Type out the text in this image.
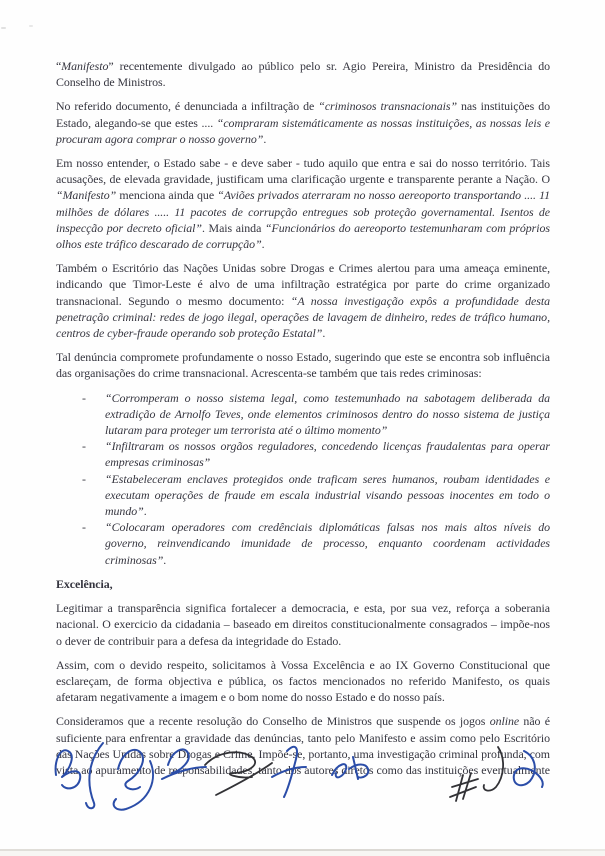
“Manifesto” recentemente divulgado ao público pelo sr. Agio Pereira, Ministro da Presidência do Conselho de Ministros.

No referido documento, é denunciada a infiltração de “criminosos transnacionais” nas instituições do Estado, alegando-se que estes .... “compraram sistemáticamente as nossas instituições, as nossas leis e procuram agora comprar o nosso governo”.

Em nosso entender, o Estado sabe - e deve saber - tudo aquilo que entra e sai do nosso território. Tais acusações, de elevada gravidade, justificam uma clarificação urgente e transparente perante a Nação. O “Manifesto” menciona ainda que “Aviões privados aterraram no nosso aereoporto transportando .... 11 milhões de dólares ..... 11 pacotes de corrupção entregues sob proteção governamental. Isentos de inspecção por decreto oficial”. Mais ainda “Funcionários do aereoporto testemunharam com próprios olhos este tráfico descarado de corrupção”.

Também o Escritório das Nações Unidas sobre Drogas e Crimes alertou para uma ameaça eminente, indicando que Timor-Leste é alvo de uma infiltração estratégica por parte do crime organizado transnacional. Segundo o mesmo documento: “A nossa investigação expôs a profundidade desta penetração criminal: redes de jogo ilegal, operações de lavagem de dinheiro, redes de tráfico humano, centros de cyber-fraude operando sob proteção Estatal”.

Tal denúncia compromete profundamente o nosso Estado, sugerindo que este se encontra sob influência das organisações do crime transnacional. Acrescenta-se também que tais redes criminosas:

-	“Corromperam o nosso sistema legal, como testemunhado na sabotagem deliberada da extradição de Arnolfo Teves, onde elementos criminosos dentro do nosso sistema de justiça lutaram para proteger um terrorista até o último momento”
-	“Infiltraram os nossos orgãos reguladores, concedendo licenças fraudalentas para operar empresas criminosas”
-	“Estabeleceram enclaves protegidos onde traficam seres humanos, roubam identidades e executam operações de fraude em escala industrial visando pessoas inocentes em todo o mundo”.
-	“Colocaram operadores com credênciais diplomáticas falsas nos mais altos níveis do governo, reinvendicando imunidade de processo, enquanto coordenam actividades criminosas”.

Excelência,

Legitimar a transparência significa fortalecer a democracia, e esta, por sua vez, reforça a soberania nacional. O exercicio da cidadania – baseado em direitos constitucionalmente consagrados – impõe-nos o dever de contribuir para a defesa da integridade do Estado.

Assim, com o devido respeito, solicitamos à Vossa Excelência e ao IX Governo Constitucional que esclareçam, de forma objectiva e pública, os factos mencionados no referido Manifesto, os quais afetaram negativamente a imagem e o bom nome do nosso Estado e do nosso país.

Consideramos que a recente resolução do Conselho de Ministros que suspende os jogos online não é suficiente para enfrentar a gravidade das denúncias, tanto pelo Manifesto e assim como pelo Escritório das Nações Unidas sobre Drogas e Crime. Impõe-se, portanto, uma investigação criminal profunda, com vista ao apuramento de responsabilidades, tanto dos autores diretos como das instituições eventualmente
